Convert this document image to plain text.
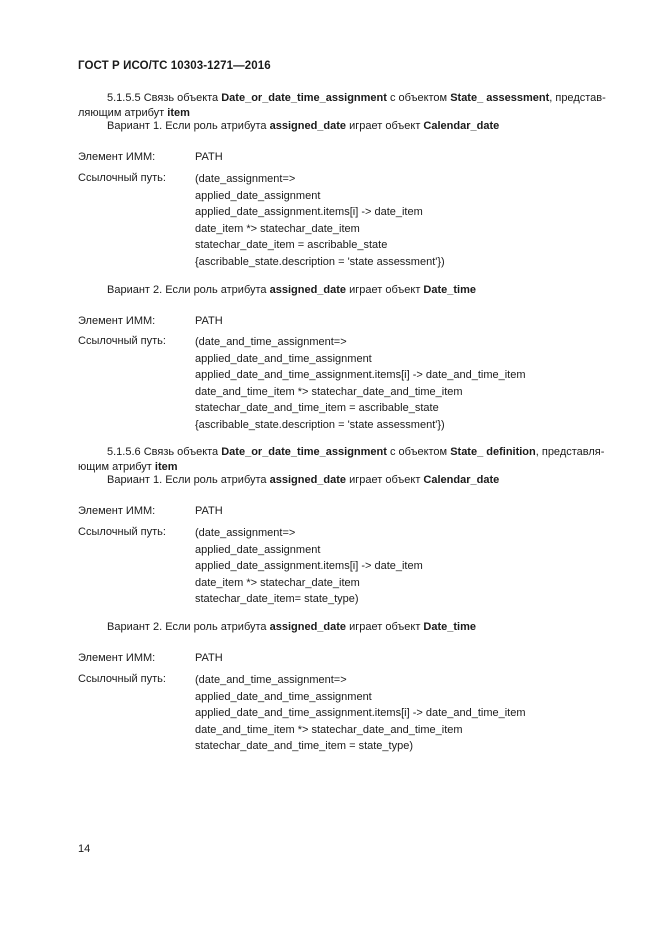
ГОСТ Р ИСО/ТС 10303-1271—2016
5.1.5.5 Связь объекта Date_or_date_time_assignment с объектом State_ assessment, представ-
ляющим атрибут item
Вариант 1. Если роль атрибута assigned_date играет объект Calendar_date
Элемент ИММ:	PATH
Ссылочный путь:	(date_assignment=>
applied_date_assignment
applied_date_assignment.items[i] -> date_item
date_item *> statechar_date_item
statechar_date_item = ascribable_state
{ascribable_state.description = 'state assessment'})
Вариант 2. Если роль атрибута assigned_date играет объект Date_time
Элемент ИММ:	PATH
Ссылочный путь:	(date_and_time_assignment=>
applied_date_and_time_assignment
applied_date_and_time_assignment.items[i] -> date_and_time_item
date_and_time_item *> statechar_date_and_time_item
statechar_date_and_time_item = ascribable_state
{ascribable_state.description = 'state assessment'})
5.1.5.6 Связь объекта Date_or_date_time_assignment с объектом State_ definition, представля-
ющим атрибут item
Вариант 1. Если роль атрибута assigned_date играет объект Calendar_date
Элемент ИММ:	PATH
Ссылочный путь:	(date_assignment=>
applied_date_assignment
applied_date_assignment.items[i] -> date_item
date_item *> statechar_date_item
statechar_date_item= state_type)
Вариант 2. Если роль атрибута assigned_date играет объект Date_time
Элемент ИММ:	PATH
Ссылочный путь:	(date_and_time_assignment=>
applied_date_and_time_assignment
applied_date_and_time_assignment.items[i] -> date_and_time_item
date_and_time_item *> statechar_date_and_time_item
statechar_date_and_time_item = state_type)
14
